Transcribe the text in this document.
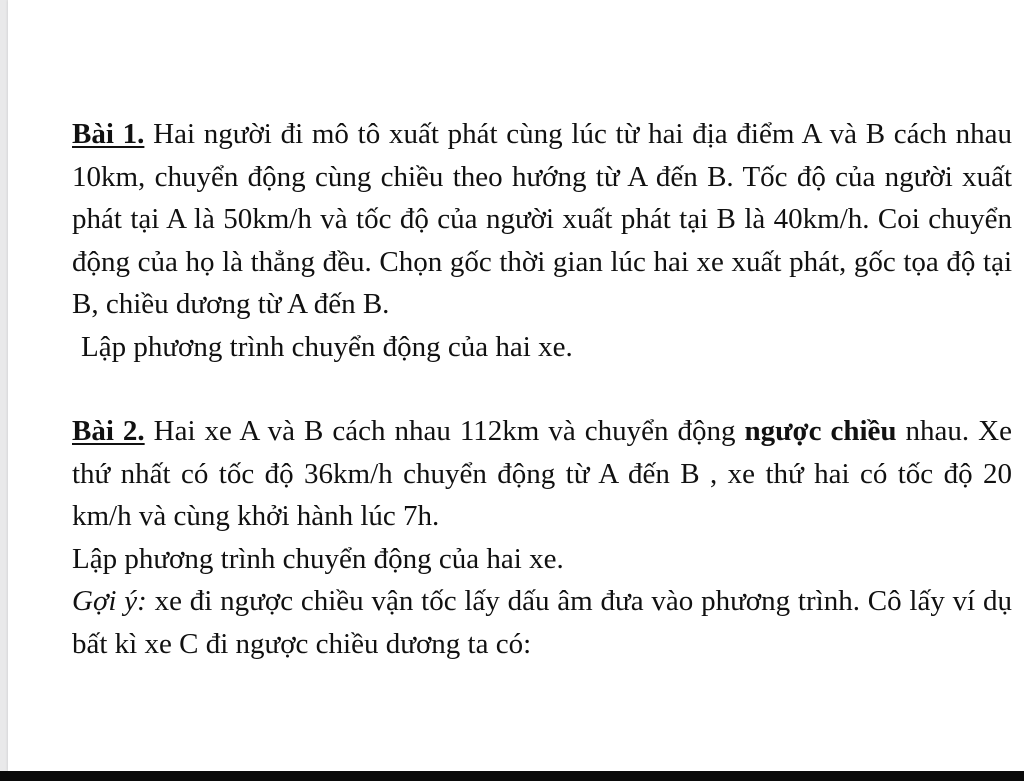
Bài 1. Hai người đi mô tô xuất phát cùng lúc từ hai địa điểm A và B cách nhau 10km, chuyển động cùng chiều theo hướng từ A đến B. Tốc độ của người xuất phát tại A là 50km/h và tốc độ của người xuất phát tại B là 40km/h. Coi chuyển động của họ là thẳng đều. Chọn gốc thời gian lúc hai xe xuất phát, gốc tọa độ tại B, chiều dương từ A đến B.

Lập phương trình chuyển động của hai xe.

Bài 2. Hai xe A và B cách nhau 112km và chuyển động ngược chiều nhau. Xe thứ nhất có tốc độ 36km/h chuyển động từ A đến B , xe thứ hai có tốc độ 20 km/h và cùng khởi hành lúc 7h.

Lập phương trình chuyển động của hai xe.

Gợi ý: xe đi ngược chiều vận tốc lấy dấu âm đưa vào phương trình. Cô lấy ví dụ bất kì xe C đi ngược chiều dương ta có:
